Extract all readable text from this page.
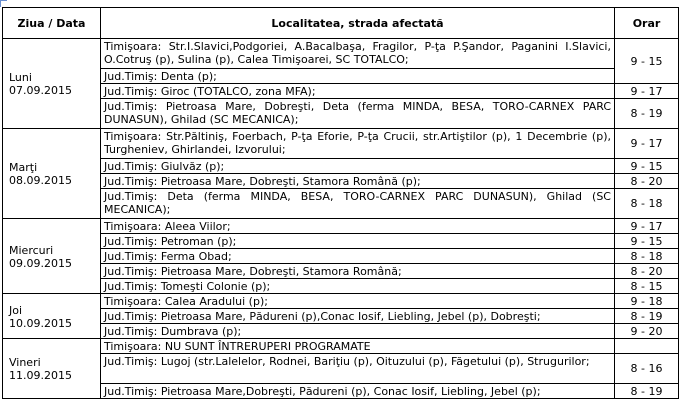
Ziua / Data	Localitatea, strada afectată	Orar

Luni
07.09.2015	Timişoara: Str.I.Slavici,Podgoriei, A.Bacalbaşa, Fragilor, P-ţa P.Şandor, Paganini I.Slavici, O.Cotruş (p), Sulina (p), Calea Timişoarei, SC TOTALCO;	9 - 15
	Jud.Timiş: Denta (p);	
	Jud.Timiş: Giroc (TOTALCO, zona MFA);	9 - 17
	Jud.Timiş: Pietroasa Mare, Dobreşti, Deta (ferma MINDA, BESA, TORO-CARNEX PARC DUNASUN), Ghilad (SC MECANICA);	8 - 19

Marţi
08.09.2015	Timişoara: Str.Păltiniş, Foerbach, P-ţa Eforie, P-ţa Crucii, str.Artiştilor (p), 1 Decembrie (p), Turgheniev, Ghirlandei, Izvorului;	9 - 17
	Jud.Timiş: Giulvăz (p);	9 - 15
	Jud.Timiş: Pietroasa Mare, Dobreşti, Stamora Română (p);	8 - 20
	Jud.Timiş: Deta (ferma MINDA, BESA, TORO-CARNEX PARC DUNASUN), Ghilad (SC MECANICA);	8 - 18

Miercuri
09.09.2015	Timişoara: Aleea Viilor;	9 - 17
	Jud.Timiş: Petroman (p);	9 - 15
	Jud.Timiş: Ferma Obad;	8 - 18
	Jud.Timiş: Pietroasa Mare, Dobreşti, Stamora Română;	8 - 20
	Jud.Timiş: Tomeşti Colonie (p);	8 - 15

Joi
10.09.2015	Timişoara: Calea Aradului (p);	9 - 18
	Jud.Timiş: Pietroasa Mare, Pădureni (p),Conac Iosif, Liebling, Jebel (p), Dobreşti;	8 - 19
	Jud.Timiş: Dumbrava (p);	9 - 20

Vineri
11.09.2015	Timişoara: NU SUNT ÎNTRERUPERI PROGRAMATE	
	Jud.Timiş: Lugoj (str.Lalelelor, Rodnei, Bariţiu (p), Oituzului (p), Făgetului (p), Strugurilor;	8 - 16
	Jud.Timiş: Pietroasa Mare,Dobreşti, Pădureni (p), Conac Iosif, Liebling, Jebel (p);	8 - 19
